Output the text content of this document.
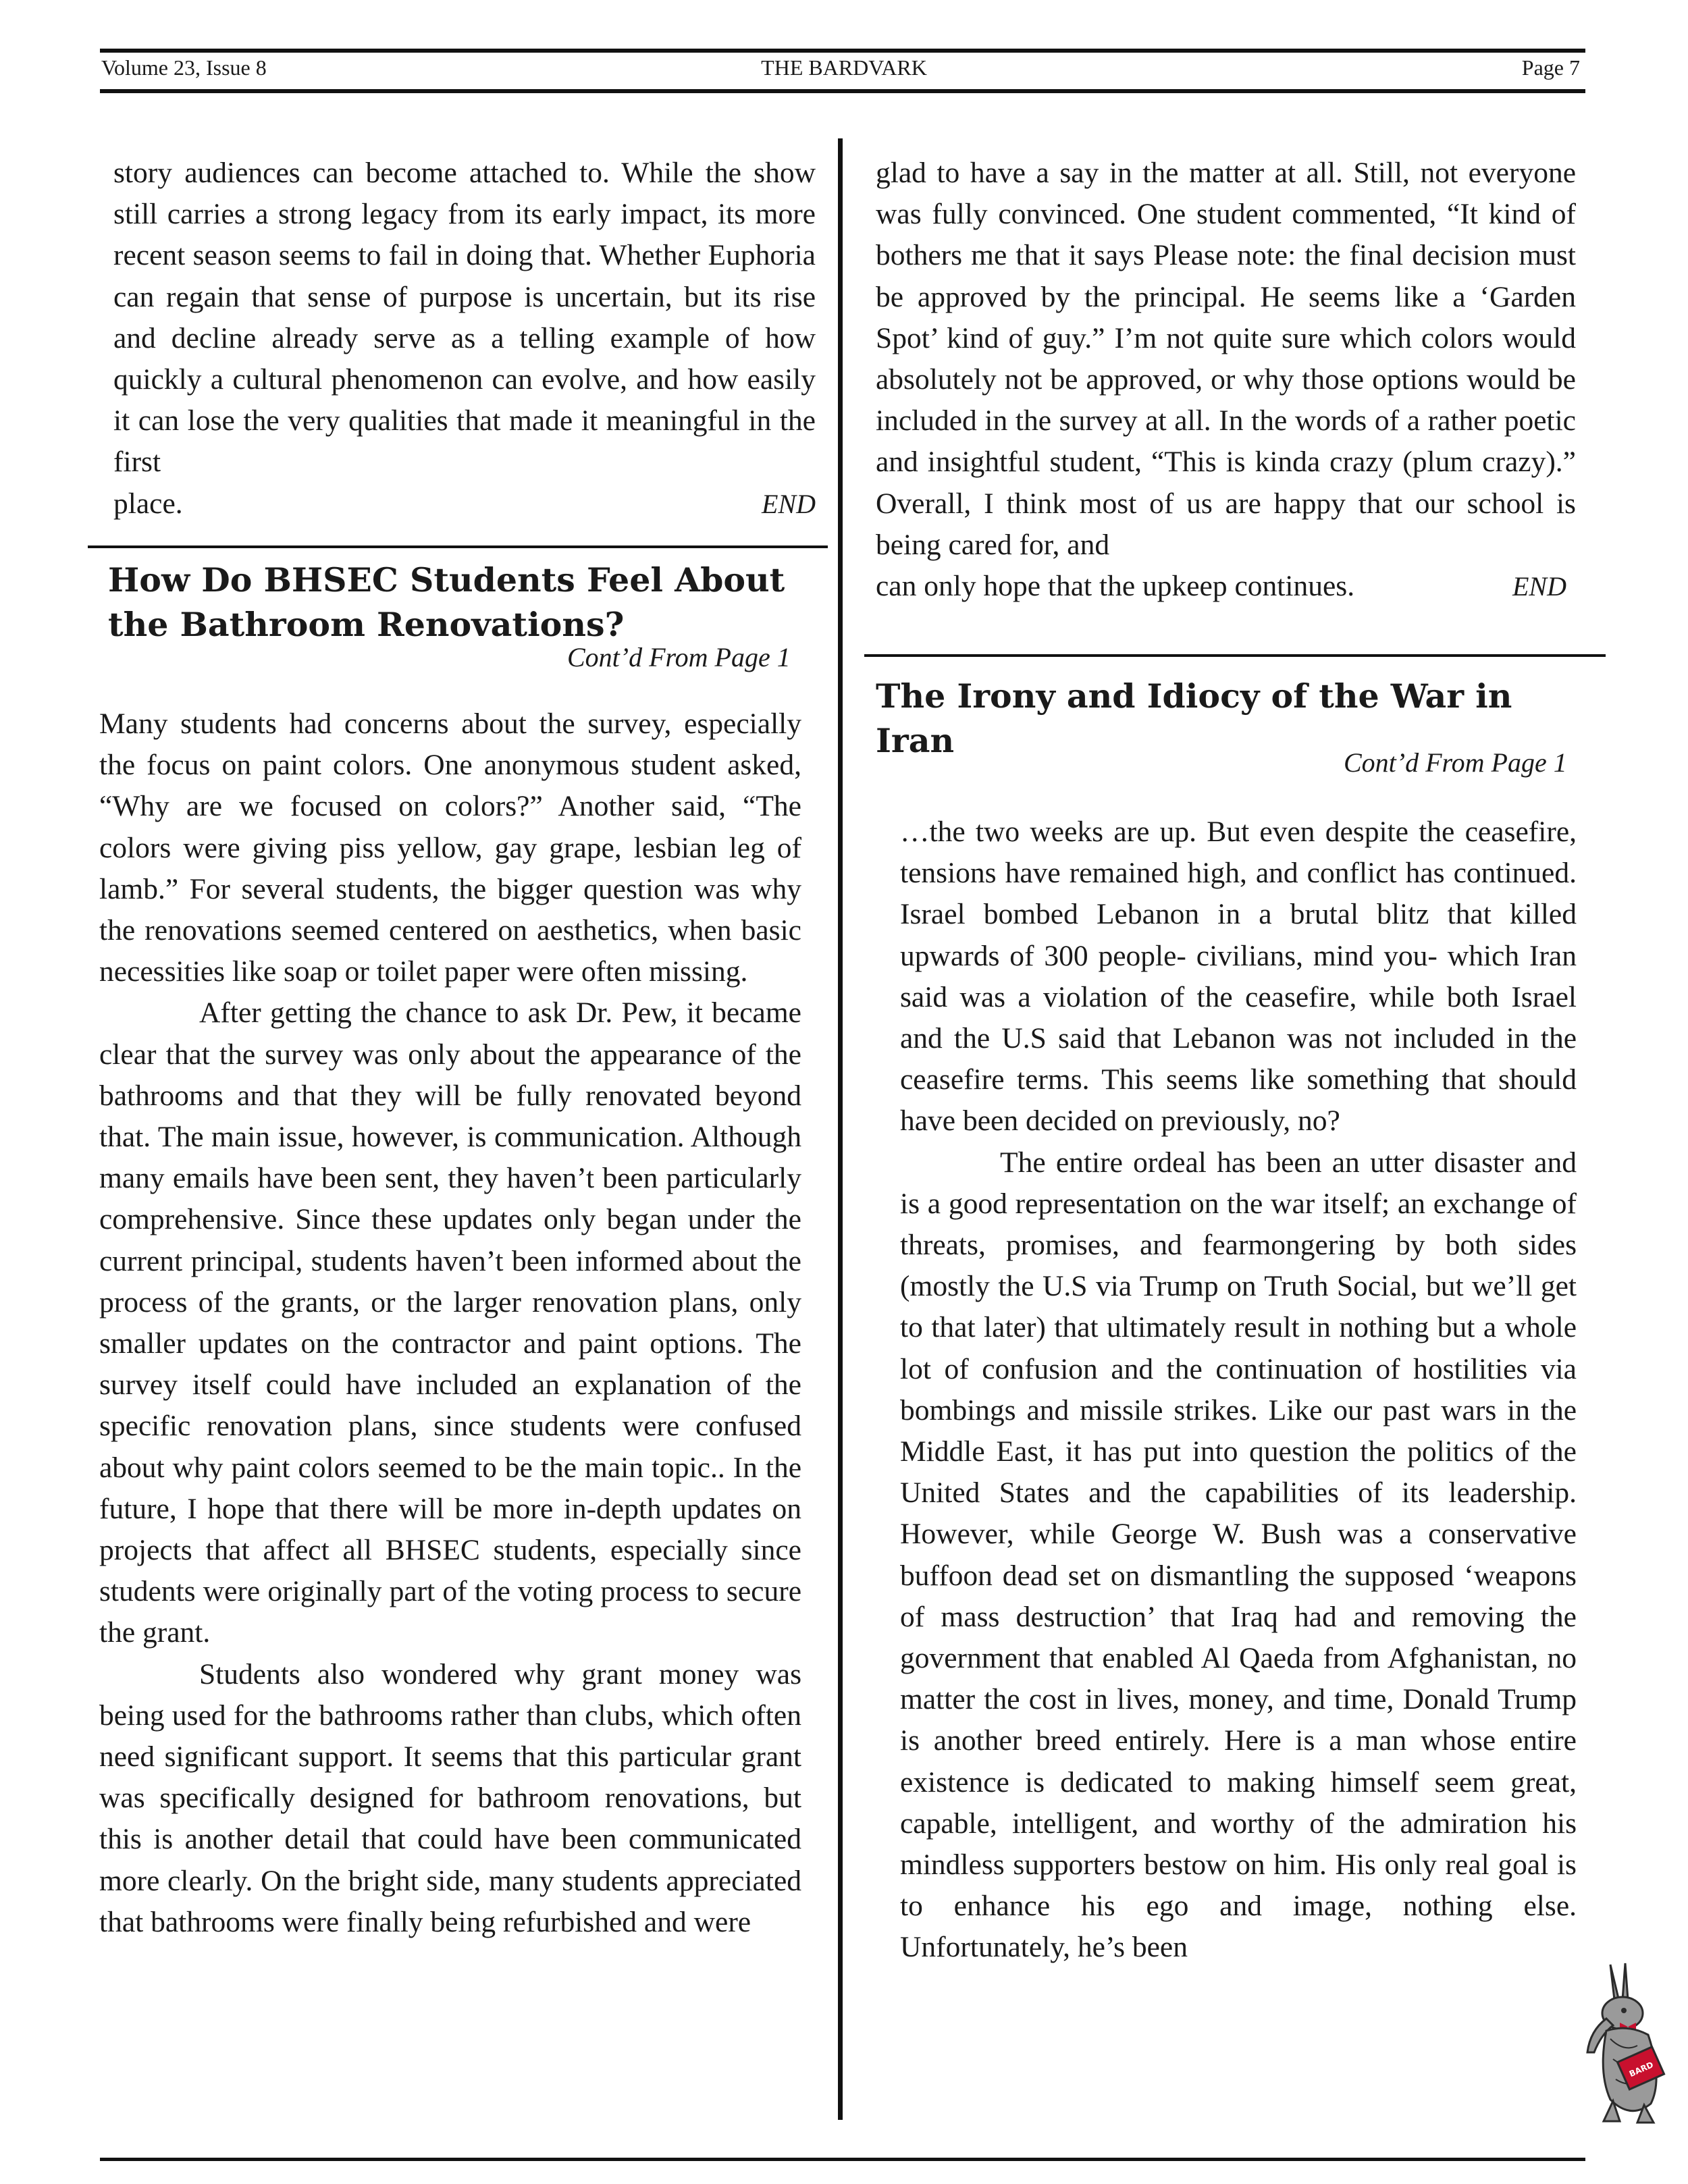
Volume 23, Issue 8	THE BARDVARK	Page 7

story audiences can become attached to. While the show still carries a strong legacy from its early impact, its more recent season seems to fail in doing that. Whether Euphoria can regain that sense of purpose is uncertain, but its rise and decline already serve as a telling example of how quickly a cultural phenomenon can evolve, and how easily it can lose the very qualities that made it meaningful in the first

place.	END
How Do BHSEC Students Feel About
the Bathroom Renovations?
Cont’d From Page 1

Many students had concerns about the survey, especially the focus on paint colors. One anonymous student asked, “Why are we focused on colors?” Another said, “The colors were giving piss yellow, gay grape, lesbian leg of lamb.” For several students, the bigger question was why the renovations seemed centered on aesthetics, when basic necessities like soap or toilet paper were often missing.

After getting the chance to ask Dr. Pew, it became clear that the survey was only about the appearance of the bathrooms and that they will be fully renovated beyond that. The main issue, however, is communication. Although many emails have been sent, they haven’t been particularly comprehensive. Since these updates only began under the current principal, students haven’t been informed about the process of the grants, or the larger renovation plans, only smaller updates on the contractor and paint options. The survey itself could have included an explanation of the specific renovation plans, since students were confused about why paint colors seemed to be the main topic.. In the future, I hope that there will be more in-depth updates on projects that affect all BHSEC students, especially since students were originally part of the voting process to secure the grant.

Students also wondered why grant money was being used for the bathrooms rather than clubs, which often need significant support. It seems that this particular grant was specifically designed for bathroom renovations, but this is another detail that could have been communicated more clearly. On the bright side, many students appreciated that bathrooms were finally being refurbished and were

glad to have a say in the matter at all. Still, not everyone was fully convinced. One student commented, “It kind of bothers me that it says Please note: the final decision must be approved by the principal. He seems like a ‘Garden Spot’ kind of guy.” I’m not quite sure which colors would absolutely not be approved, or why those options would be included in the survey at all. In the words of a rather poetic and insightful student, “This is kinda crazy (plum crazy).” Overall, I think most of us are happy that our school is being cared for, and

can only hope that the upkeep continues.	END
The Irony and Idiocy of the War in
Iran
Cont’d From Page 1

…the two weeks are up. But even despite the ceasefire, tensions have remained high, and conflict has continued. Israel bombed Lebanon in a brutal blitz that killed upwards of 300 people- civilians, mind you- which Iran said was a violation of the ceasefire, while both Israel and the U.S said that Lebanon was not included in the ceasefire terms. This seems like something that should have been decided on previously, no?

The entire ordeal has been an utter disaster and is a good representation on the war itself; an exchange of threats, promises, and fearmongering by both sides (mostly the U.S via Trump on Truth Social, but we’ll get to that later) that ultimately result in nothing but a whole lot of confusion and the continuation of hostilities via bombings and missile strikes. Like our past wars in the Middle East, it has put into question the politics of the United States and the capabilities of its leadership. However, while George W. Bush was a conservative buffoon dead set on dismantling the supposed ‘weapons of mass destruction’ that Iraq had and removing the government that enabled Al Qaeda from Afghanistan, no matter the cost in lives, money, and time, Donald Trump is another breed entirely. Here is a man whose entire existence is dedicated to making himself seem great, capable, intelligent, and worthy of the admiration his mindless supporters bestow on him. His only real goal is to enhance his ego and image, nothing else. Unfortunately, he’s been

BARD
